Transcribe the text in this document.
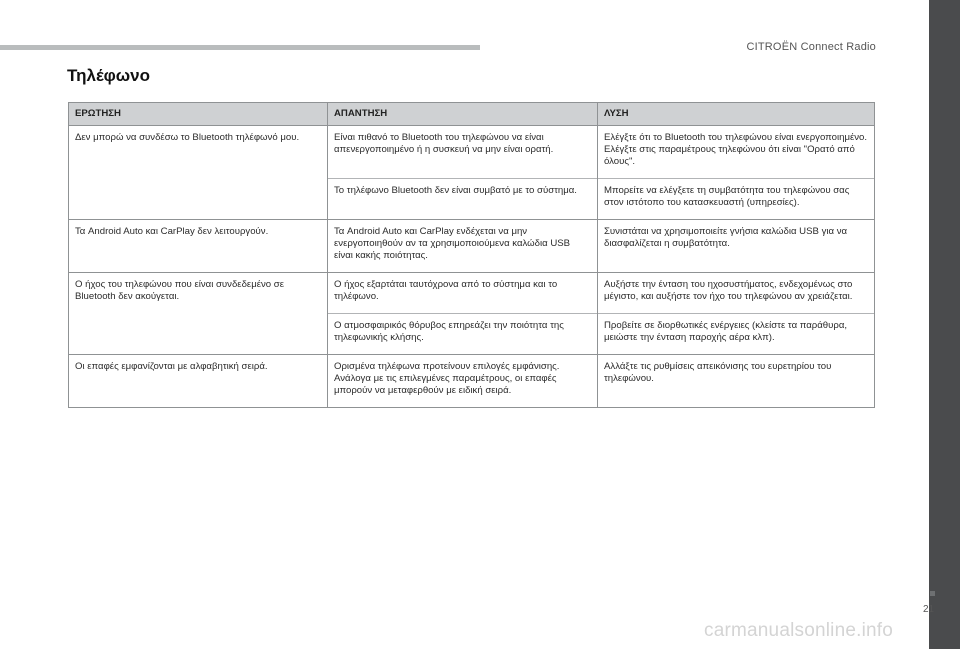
CITROËN Connect Radio
Τηλέφωνο
ΕΡΩΤΗΣΗ	ΑΠΑΝΤΗΣΗ	ΛΥΣΗ
Δεν μπορώ να συνδέσω το Bluetooth τηλέφωνό μου.	Είναι πιθανό το Bluetooth του τηλεφώνου να είναι απενεργοποιημένο ή η συσκευή να μην είναι ορατή.	Ελέγξτε ότι το Bluetooth του τηλεφώνου είναι ενεργοποιημένο.
Ελέγξτε στις παραμέτρους τηλεφώνου ότι είναι "Ορατό από όλους".
	Το τηλέφωνο Bluetooth δεν είναι συμβατό με το σύστημα.	Μπορείτε να ελέγξετε τη συμβατότητα του τηλεφώνου σας στον ιστότοπο του κατασκευαστή (υπηρεσίες).
Τα Android Auto και CarPlay δεν λειτουργούν.	Τα Android Auto και CarPlay ενδέχεται να μην ενεργοποιηθούν αν τα χρησιμοποιούμενα καλώδια USB είναι κακής ποιότητας.	Συνιστάται να χρησιμοποιείτε γνήσια καλώδια USB για να διασφαλίζεται η συμβατότητα.
Ο ήχος του τηλεφώνου που είναι συνδεδεμένο σε Bluetooth δεν ακούγεται.	Ο ήχος εξαρτάται ταυτόχρονα από το σύστημα και το τηλέφωνο.	Αυξήστε την ένταση του ηχοσυστήματος, ενδεχομένως στο μέγιστο, και αυξήστε τον ήχο του τηλεφώνου αν χρειάζεται.
	Ο ατμοσφαιρικός θόρυβος επηρεάζει την ποιότητα της τηλεφωνικής κλήσης.	Προβείτε σε διορθωτικές ενέργειες (κλείστε τα παράθυρα, μειώστε την ένταση παροχής αέρα κλπ).
Οι επαφές εμφανίζονται με αλφαβητική σειρά.	Ορισμένα τηλέφωνα προτείνουν επιλογές εμφάνισης. Ανάλογα με τις επιλεγμένες παραμέτρους, οι επαφές μπορούν να μεταφερθούν με ειδική σειρά.	Αλλάξτε τις ρυθμίσεις απεικόνισης του ευρετηρίου του τηλεφώνου.
21
carmanualsonline.info
